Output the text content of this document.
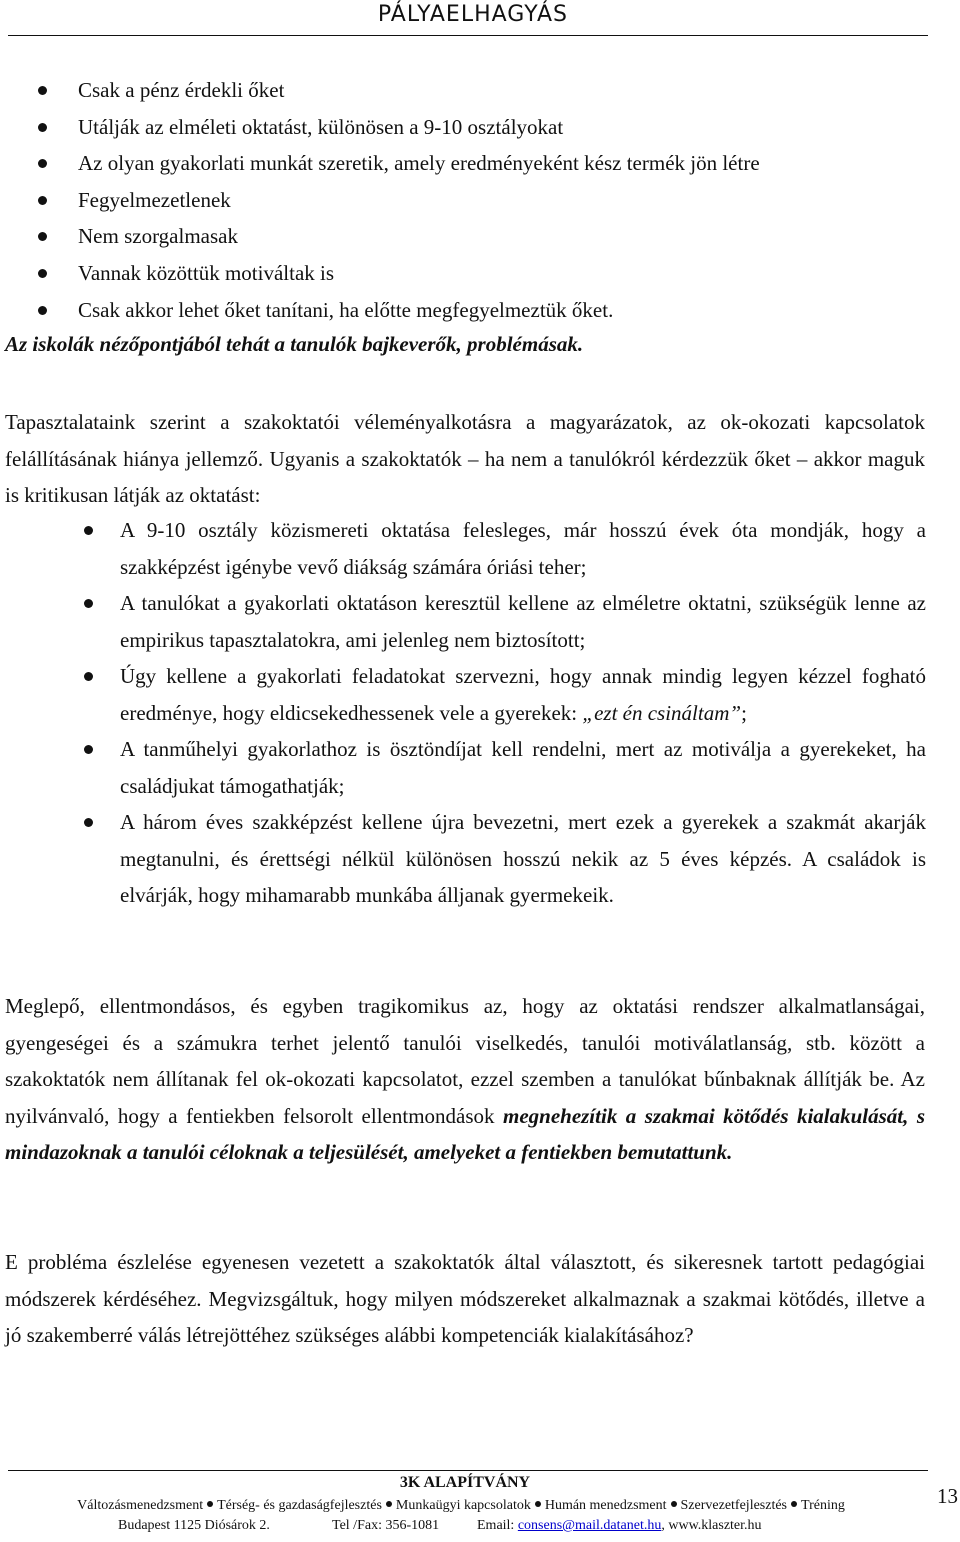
PÁLYAELHAGYÁS
Csak a pénz érdekli őket
Utálják az elméleti oktatást, különösen a 9-10 osztályokat
Az olyan gyakorlati munkát szeretik, amely eredményeként kész termék jön létre
Fegyelmezetlenek
Nem szorgalmasak
Vannak közöttük motiváltak is
Csak akkor lehet őket tanítani, ha előtte megfegyelmeztük őket.
Az iskolák nézőpontjából tehát a tanulók bajkeverők, problémásak.

Tapasztalataink szerint a szakoktatói véleményalkotásra a magyarázatok, az ok-okozati kapcsolatok felállításának hiánya jellemző. Ugyanis a szakoktatók – ha nem a tanulókról kérdezzük őket – akkor maguk is kritikusan látják az oktatást:

A 9-10 osztály közismereti oktatása felesleges, már hosszú évek óta mondják, hogy a szakképzést igénybe vevő diákság számára óriási teher;
A tanulókat a gyakorlati oktatáson keresztül kellene az elméletre oktatni, szükségük lenne az empirikus tapasztalatokra, ami jelenleg nem biztosított;
Úgy kellene a gyakorlati feladatokat szervezni, hogy annak mindig legyen kézzel fogható eredménye, hogy eldicsekedhessenek vele a gyerekek: „ezt én csináltam”;
A tanműhelyi gyakorlathoz is ösztöndíjat kell rendelni, mert az motiválja a gyerekeket, ha családjukat támogathatják;
A három éves szakképzést kellene újra bevezetni, mert ezek a gyerekek a szakmát akarják megtanulni, és érettségi nélkül különösen hosszú nekik az 5 éves képzés. A családok is elvárják, hogy mihamarabb munkába álljanak gyermekeik.

Meglepő, ellentmondásos, és egyben tragikomikus az, hogy az oktatási rendszer alkalmatlanságai, gyengeségei és a számukra terhet jelentő tanulói viselkedés, tanulói motiválatlanság, stb. között a szakoktatók nem állítanak fel ok-okozati kapcsolatot, ezzel szemben a tanulókat bűnbaknak állítják be. Az nyilvánvaló, hogy a fentiekben felsorolt ellentmondások megnehezítik a szakmai kötődés kialakulását, s mindazoknak a tanulói céloknak a teljesülését, amelyeket a fentiekben bemutattunk.

E probléma észlelése egyenesen vezetett a szakoktatók által választott, és sikeresnek tartott pedagógiai módszerek kérdéséhez. Megvizsgáltuk, hogy milyen módszereket alkalmaznak a szakmai kötődés, illetve a jó szakemberré válás létrejöttéhez szükséges alábbi kompetenciák kialakításához?

3K ALAPÍTVÁNY
Változásmenedzsment Térség- és gazdaságfejlesztés Munkaügyi kapcsolatok Humán menedzsment Szervezetfejlesztés Tréning
Budapest 1125 Diósárok 2.	Tel /Fax: 356-1081	Email: consens@mail.datanet.hu, www.klaszter.hu
13
